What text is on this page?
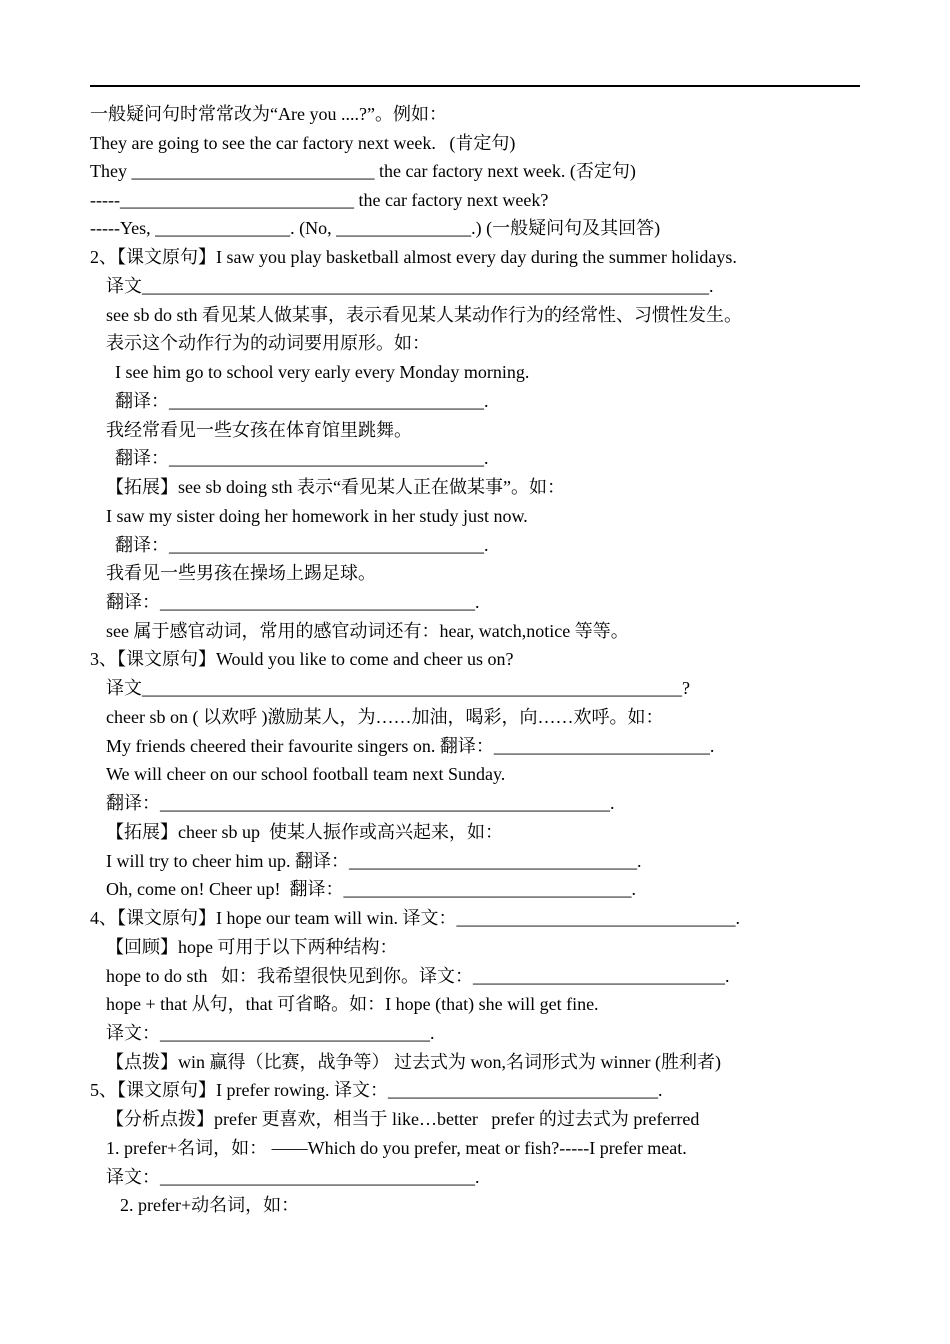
一般疑问句时常常改为“Are you ....?”。例如：
They are going to see the car factory next week.   (肯定句)
They ___________________________ the car factory next week. (否定句)
-----__________________________ the car factory next week?
-----Yes, _______________. (No, _______________.) (一般疑问句及其回答)
2、【课文原句】I saw you play basketball almost every day during the summer holidays.
译文_______________________________________________________________.
see sb do sth 看见某人做某事，表示看见某人某动作行为的经常性、习惯性发生。
表示这个动作行为的动词要用原形。如：
I see him go to school very early every Monday morning.
翻译：___________________________________.
我经常看见一些女孩在体育馆里跳舞。
翻译：___________________________________.
【拓展】see sb doing sth 表示“看见某人正在做某事”。如：
I saw my sister doing her homework in her study just now.
翻译：___________________________________.
我看见一些男孩在操场上踢足球。
翻译：___________________________________.
see 属于感官动词，常用的感官动词还有：hear, watch,notice 等等。
3、【课文原句】Would you like to come and cheer us on?
译文____________________________________________________________?
cheer sb on ( 以欢呼 )激励某人，为……加油，喝彩，向……欢呼。如：
My friends cheered their favourite singers on. 翻译：________________________.
We will cheer on our school football team next Sunday.
翻译：__________________________________________________.
【拓展】cheer sb up  使某人振作或高兴起来，如：
I will try to cheer him up. 翻译：________________________________.
Oh, come on! Cheer up!  翻译：________________________________.
4、【课文原句】I hope our team will win. 译文：_______________________________.
【回顾】hope 可用于以下两种结构：
hope to do sth   如：我希望很快见到你。译文：____________________________.
hope + that 从句，that 可省略。如：I hope (that) she will get fine.
译文：______________________________.
【点拨】win 赢得（比赛，战争等） 过去式为 won,名词形式为 winner (胜利者)
5、【课文原句】I prefer rowing. 译文：______________________________.
【分析点拨】prefer 更喜欢，相当于 like…better   prefer 的过去式为 preferred
1. prefer+名词，如： ——Which do you prefer, meat or fish?-----I prefer meat.
译文：___________________________________.
2. prefer+动名词，如：
